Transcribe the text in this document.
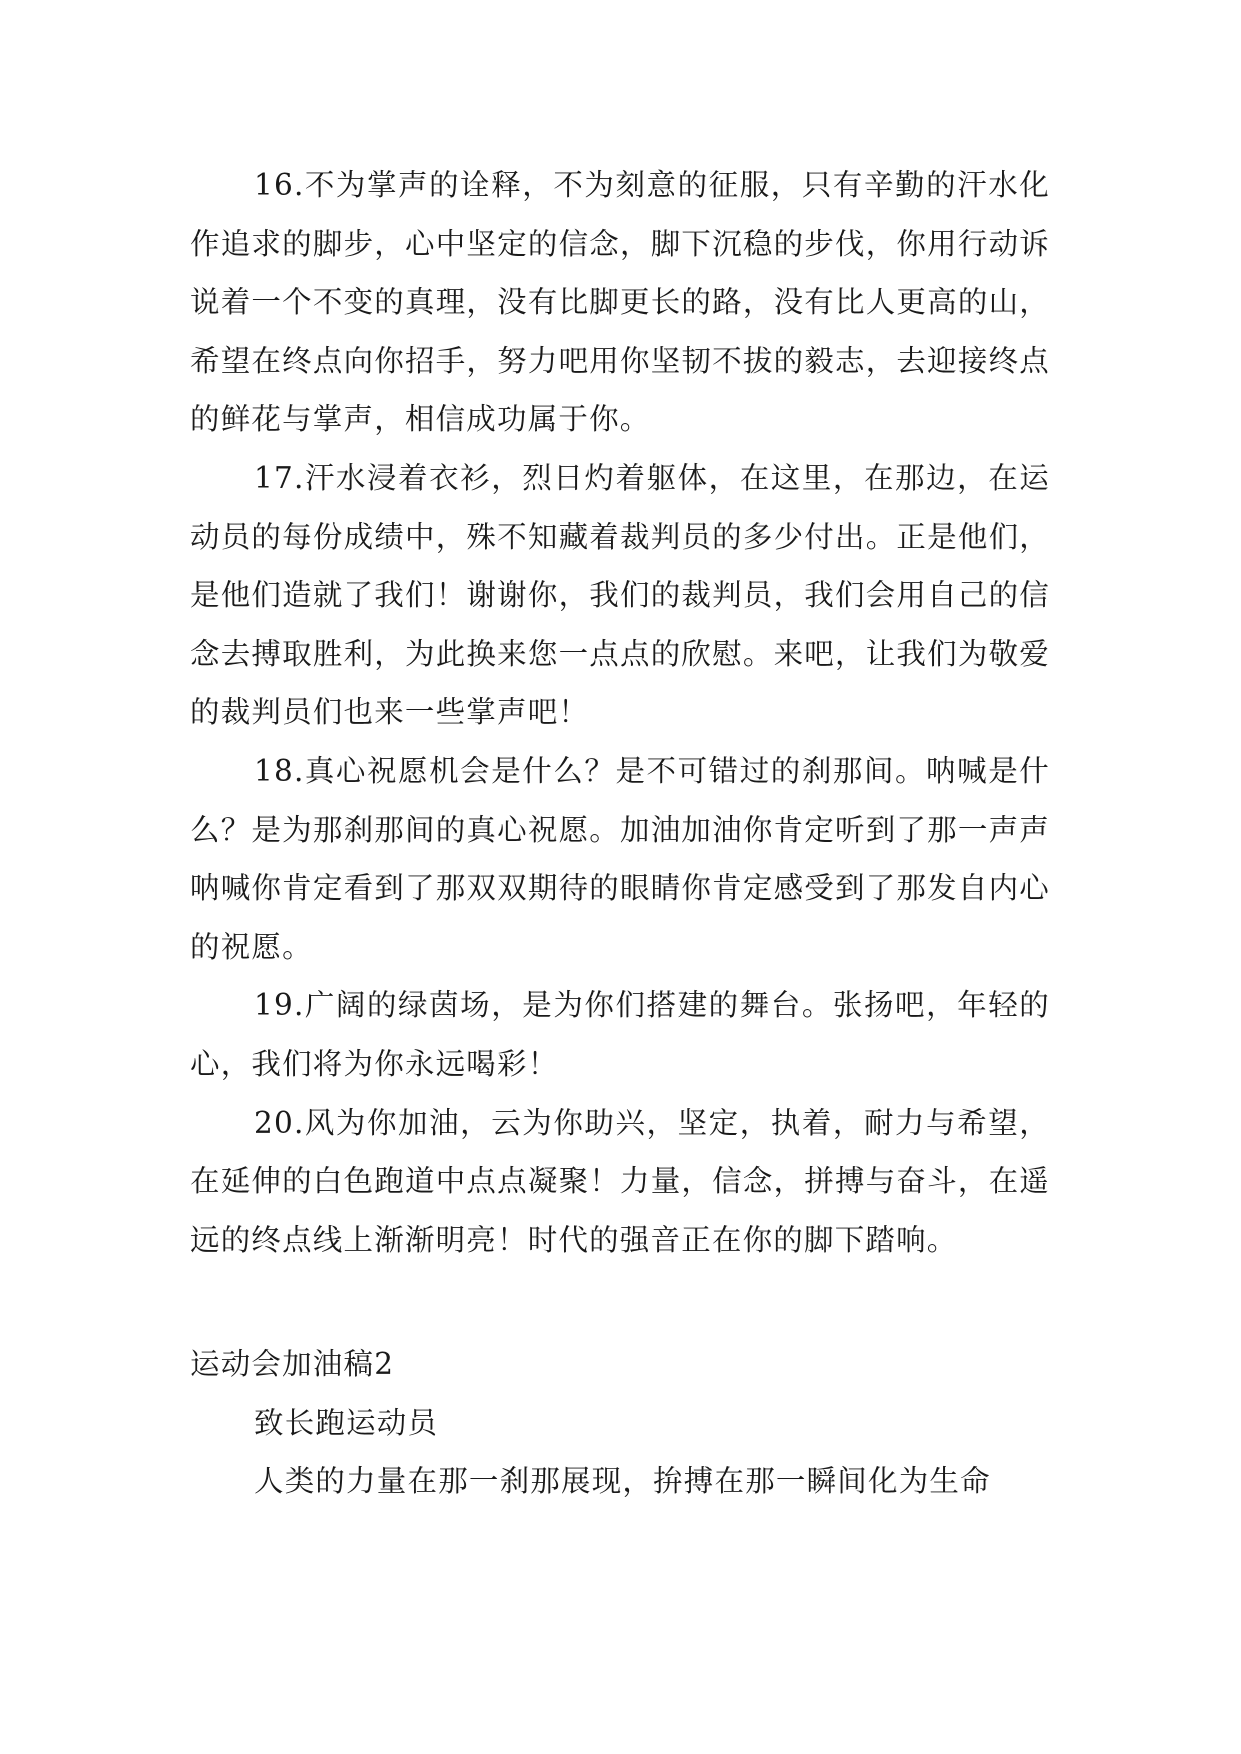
16.不为掌声的诠释，不为刻意的征服，只有辛勤的汗水化作追求的脚步，心中坚定的信念，脚下沉稳的步伐，你用行动诉说着一个不变的真理，没有比脚更长的路，没有比人更高的山，希望在终点向你招手，努力吧用你坚韧不拔的毅志，去迎接终点的鲜花与掌声，相信成功属于你。

17.汗水浸着衣衫，烈日灼着躯体，在这里，在那边，在运动员的每份成绩中，殊不知藏着裁判员的多少付出。正是他们，是他们造就了我们！谢谢你，我们的裁判员，我们会用自己的信念去搏取胜利，为此换来您一点点的欣慰。来吧，让我们为敬爱的裁判员们也来一些掌声吧！

18.真心祝愿机会是什么？是不可错过的刹那间。呐喊是什么？是为那刹那间的真心祝愿。加油加油你肯定听到了那一声声呐喊你肯定看到了那双双期待的眼睛你肯定感受到了那发自内心的祝愿。

19.广阔的绿茵场，是为你们搭建的舞台。张扬吧，年轻的心，我们将为你永远喝彩！

20.风为你加油，云为你助兴，坚定，执着，耐力与希望，在延伸的白色跑道中点点凝聚！力量，信念，拼搏与奋斗，在遥远的终点线上渐渐明亮！时代的强音正在你的脚下踏响。

运动会加油稿2

致长跑运动员

人类的力量在那一刹那展现，拚搏在那一瞬间化为生命
